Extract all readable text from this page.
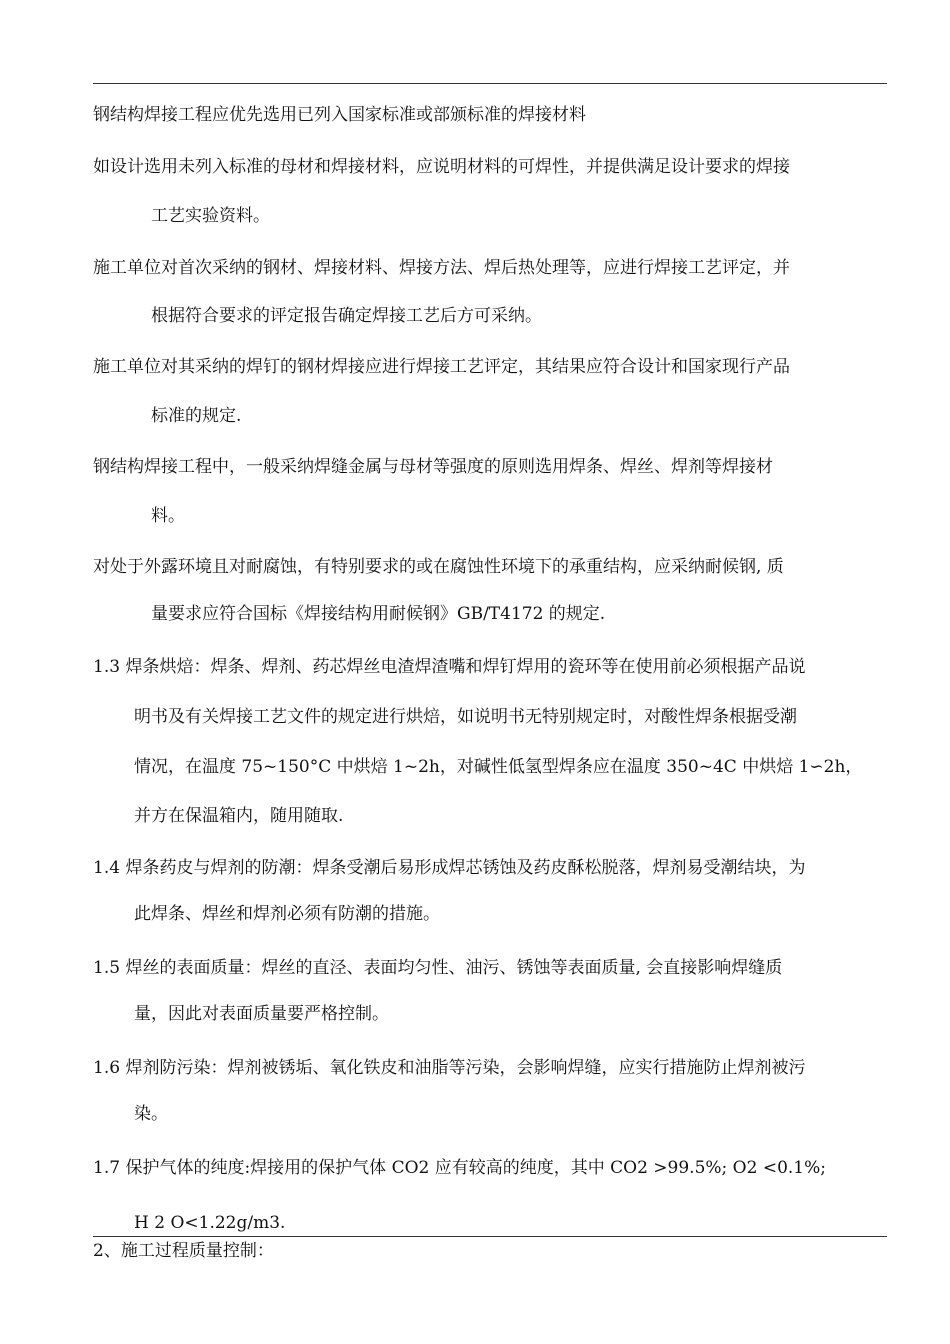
钢结构焊接工程应优先选用已列入国家标准或部颁标准的焊接材料
如设计选用未列入标准的母材和焊接材料，应说明材料的可焊性，并提供满足设计要求的焊接
工艺实验资料。
施工单位对首次采纳的钢材、焊接材料、焊接方法、焊后热处理等，应进行焊接工艺评定，并
根据符合要求的评定报告确定焊接工艺后方可采纳。
施工单位对其采纳的焊钉的钢材焊接应进行焊接工艺评定，其结果应符合设计和国家现行产品
标准的规定.
钢结构焊接工程中，一般采纳焊缝金属与母材等强度的原则选用焊条、焊丝、焊剂等焊接材
料。
对处于外露环境且对耐腐蚀，有特别要求的或在腐蚀性环境下的承重结构，应采纳耐候钢, 质
量要求应符合国标《焊接结构用耐候钢》GB/T4172 的规定.
1.3 焊条烘焙：焊条、焊剂、药芯焊丝电渣焊渣嘴和焊钉焊用的瓷环等在使用前必须根据产品说
明书及有关焊接工艺文件的规定进行烘焙，如说明书无特别规定时，对酸性焊条根据受潮
情况，在温度 75~150°C 中烘焙 1~2h，对碱性低氢型焊条应在温度 350~4C 中烘焙 1∽2h，
并方在保温箱内，随用随取.
1.4 焊条药皮与焊剂的防潮：焊条受潮后易形成焊芯锈蚀及药皮酥松脱落，焊剂易受潮结块，为
此焊条、焊丝和焊剂必须有防潮的措施。
1.5 焊丝的表面质量：焊丝的直泾、表面均匀性、油污、锈蚀等表面质量, 会直接影响焊缝质
量，因此对表面质量要严格控制。
1.6 焊剂防污染：焊剂被锈垢、氧化铁皮和油脂等污染，会影响焊缝，应实行措施防止焊剂被污
染。
1.7 保护气体的纯度:焊接用的保护气体 CO2 应有较高的纯度，其中 CO2 >99.5%; O2 <0.1%;
H 2 O<1.22g/m3.
2、施工过程质量控制：
